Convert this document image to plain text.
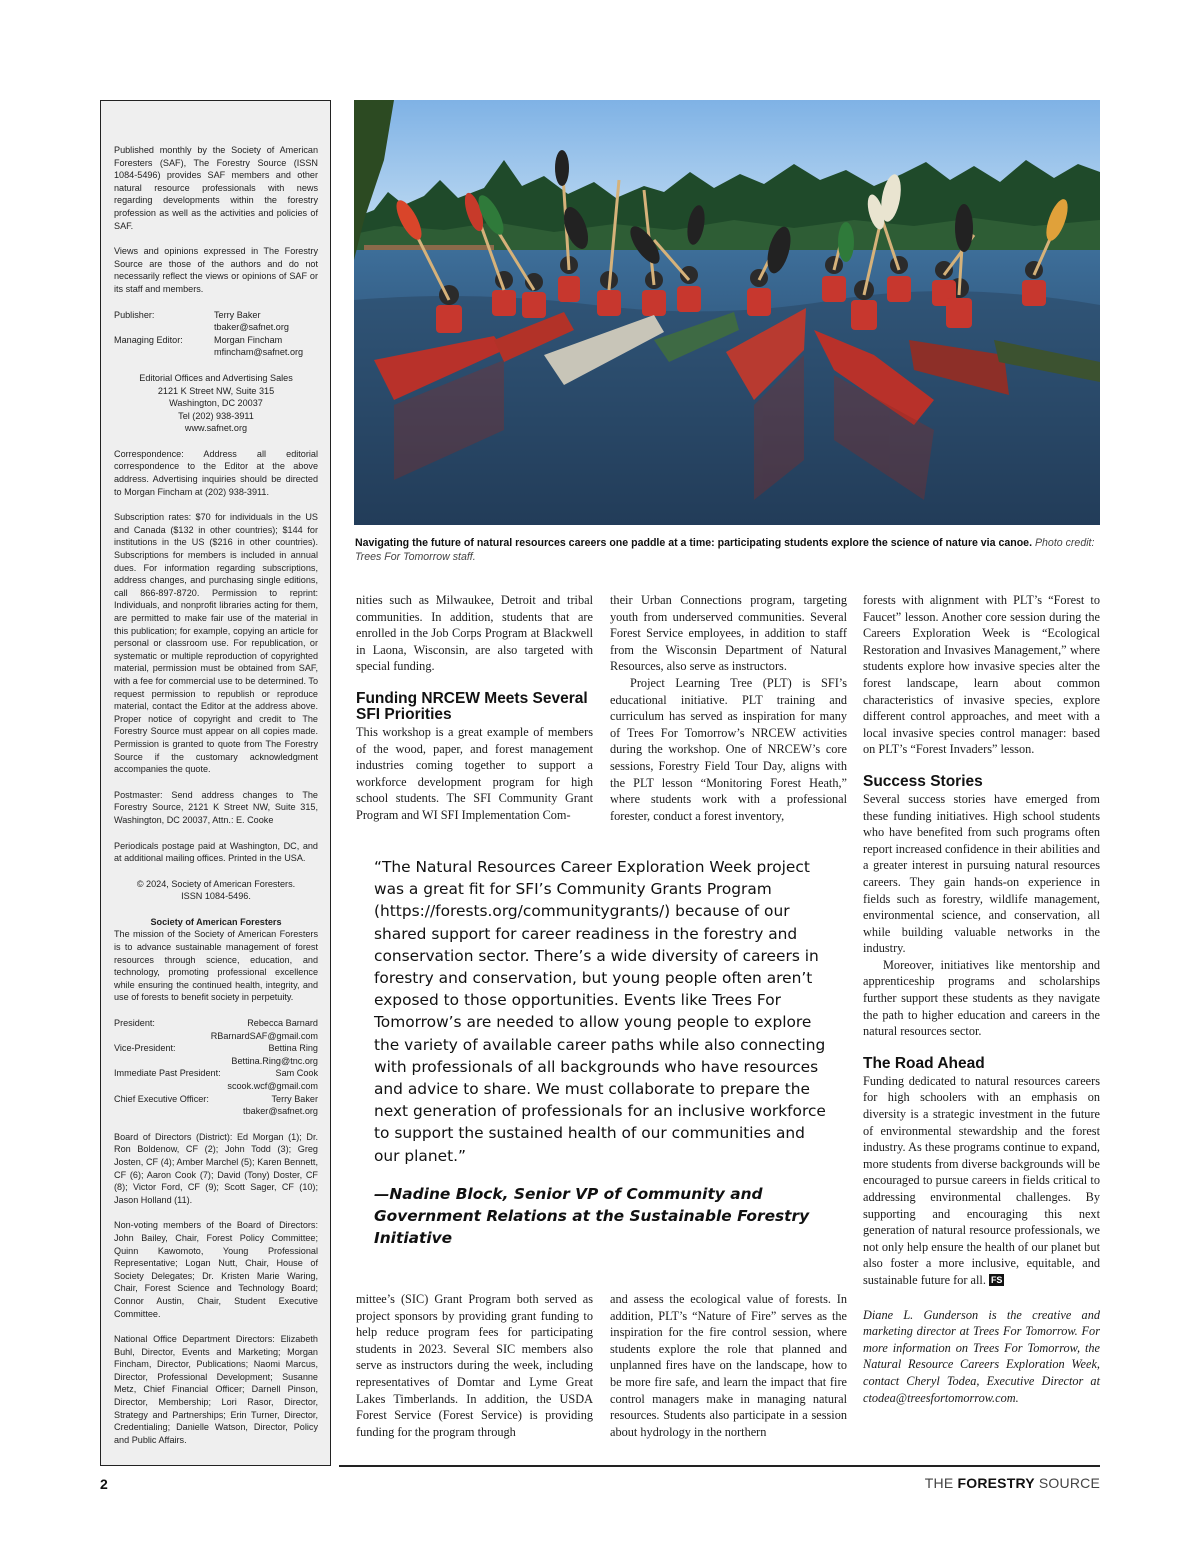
Published monthly by the Society of American Foresters (SAF), The Forestry Source (ISSN 1084-5496) provides SAF members and other natural resource professionals with news regarding developments within the forestry profession as well as the activities and policies of SAF.

Views and opinions expressed in The Forestry Source are those of the authors and do not necessarily reflect the views or opinions of SAF or its staff and members.

Publisher:	Terry Baker
tbaker@safnet.org
Managing Editor:	Morgan Fincham
mfincham@safnet.org
Editorial Offices and Advertising Sales
2121 K Street NW, Suite 315
Washington, DC 20037
Tel (202) 938-3911
www.safnet.org

Correspondence: Address all editorial correspondence to the Editor at the above address. Advertising inquiries should be directed to Morgan Fincham at (202) 938-3911.

Subscription rates: $70 for individuals in the US and Canada ($132 in other countries); $144 for institutions in the US ($216 in other countries). Subscriptions for members is included in annual dues. For information regarding subscriptions, address changes, and purchasing single editions, call 866-897-8720. Permission to reprint: Individuals, and nonprofit libraries acting for them, are permitted to make fair use of the material in this publication; for example, copying an article for personal or classroom use. For republication, or systematic or multiple reproduction of copyrighted material, permission must be obtained from SAF, with a fee for commercial use to be determined. To request permission to republish or reproduce material, contact the Editor at the address above. Proper notice of copyright and credit to The Forestry Source must appear on all copies made. Permission is granted to quote from The Forestry Source if the customary acknowledgment accompanies the quote.

Postmaster: Send address changes to The Forestry Source, 2121 K Street NW, Suite 315, Washington, DC 20037, Attn.: E. Cooke

Periodicals postage paid at Washington, DC, and at additional mailing offices. Printed in the USA.

© 2024, Society of American Foresters.
ISSN 1084-5496.
Society of American Foresters

The mission of the Society of American Foresters is to advance sustainable management of forest resources through science, education, and technology, promoting professional excellence while ensuring the continued health, integrity, and use of forests to benefit society in perpetuity.

President:	Rebecca Barnard
RBarnardSAF@gmail.com
Vice-President:	Bettina Ring
Bettina.Ring@tnc.org
Immediate Past President:	Sam Cook
scook.wcf@gmail.com
Chief Executive Officer:	Terry Baker
tbaker@safnet.org

Board of Directors (District): Ed Morgan (1); Dr. Ron Boldenow, CF (2); John Todd (3); Greg Josten, CF (4); Amber Marchel (5); Karen Bennett, CF (6); Aaron Cook (7); David (Tony) Doster, CF (8); Victor Ford, CF (9); Scott Sager, CF (10); Jason Holland (11).

Non-voting members of the Board of Directors: John Bailey, Chair, Forest Policy Committee; Quinn Kawomoto, Young Professional Representative; Logan Nutt, Chair, House of Society Delegates; Dr. Kristen Marie Waring, Chair, Forest Science and Technology Board; Connor Austin, Chair, Student Executive Committee.

National Office Department Directors: Elizabeth Buhl, Director, Events and Marketing; Morgan Fincham, Director, Publications; Naomi Marcus, Director, Professional Development; Susanne Metz, Chief Financial Officer; Darnell Pinson, Director, Membership; Lori Rasor, Director, Strategy and Partnerships; Erin Turner, Director, Credentialing; Danielle Watson, Director, Policy and Public Affairs.

Navigating the future of natural resources careers one paddle at a time: participating students explore the science of nature via canoe. Photo credit: Trees For Tomorrow staff.

nities such as Milwaukee, Detroit and tribal communities. In addition, students that are enrolled in the Job Corps Program at Blackwell in Laona, Wisconsin, are also targeted with special funding.

Funding NRCEW Meets Several SFI Priorities

This workshop is a great example of members of the wood, paper, and forest management industries coming together to support a workforce development program for high school students. The SFI Community Grant Program and WI SFI Implementation Com-

mittee’s (SIC) Grant Program both served as project sponsors by providing grant funding to help reduce program fees for participating students in 2023. Several SIC members also serve as instructors during the week, including representatives of Domtar and Lyme Great Lakes Timberlands. In addition, the USDA Forest Service (Forest Service) is providing funding for the program through

their Urban Connections program, targeting youth from underserved communities. Several Forest Service employees, in addition to staff from the Wisconsin Department of Natural Resources, also serve as instructors.

Project Learning Tree (PLT) is SFI’s educational initiative. PLT training and curriculum has served as inspiration for many of Trees For Tomorrow’s NRCEW activities during the workshop. One of NRCEW’s core sessions, Forestry Field Tour Day, aligns with the PLT lesson “Monitoring Forest Heath,” where students work with a professional forester, conduct a forest inventory,

and assess the ecological value of forests. In addition, PLT’s “Nature of Fire” serves as the inspiration for the fire control session, where students explore the role that planned and unplanned fires have on the landscape, how to be more fire safe, and learn the impact that fire control managers make in managing natural resources. Students also participate in a session about hydrology in the northern

forests with alignment with PLT’s “Forest to Faucet” lesson. Another core session during the Careers Exploration Week is “Ecological Restoration and Invasives Management,” where students explore how invasive species alter the forest landscape, learn about common characteristics of invasive species, explore different control approaches, and meet with a local invasive species control manager: based on PLT’s “Forest Invaders” lesson.

Success Stories

Several success stories have emerged from these funding initiatives. High school students who have benefited from such programs often report increased confidence in their abilities and a greater interest in pursuing natural resources careers. They gain hands-on experience in fields such as forestry, wildlife management, environmental science, and conservation, all while building valuable networks in the industry.

Moreover, initiatives like mentorship and apprenticeship programs and scholarships further support these students as they navigate the path to higher education and careers in the natural resources sector.

The Road Ahead

Funding dedicated to natural resources careers for high schoolers with an emphasis on diversity is a strategic investment in the future of environmental stewardship and the forest industry. As these programs continue to expand, more students from diverse backgrounds will be encouraged to pursue careers in fields critical to addressing environmental challenges. By supporting and encouraging this next generation of natural resource professionals, we not only help ensure the health of our planet but also foster a more inclusive, equitable, and sustainable future for all. FS

Diane L. Gunderson is the creative and marketing director at Trees For Tomorrow. For more information on Trees For Tomorrow, the Natural Resource Careers Exploration Week, contact Cheryl Todea, Executive Director at ctodea@treesfortomorrow.com.

“The Natural Resources Career Exploration Week project was a great fit for SFI’s Community Grants Program (https://forests.org/communitygrants/) because of our shared support for career readiness in the forestry and conservation sector. There’s a wide diversity of careers in forestry and conservation, but young people often aren’t exposed to those opportunities. Events like Trees For Tomorrow’s are needed to allow young people to explore the variety of available career paths while also connecting with professionals of all backgrounds who have resources and advice to share. We must collaborate to prepare the next generation of professionals for an inclusive workforce to support the sustained health of our communities and our planet.”
—Nadine Block, Senior VP of Community and Government Relations at the Sustainable Forestry Initiative
2	THE FORESTRY SOURCE
